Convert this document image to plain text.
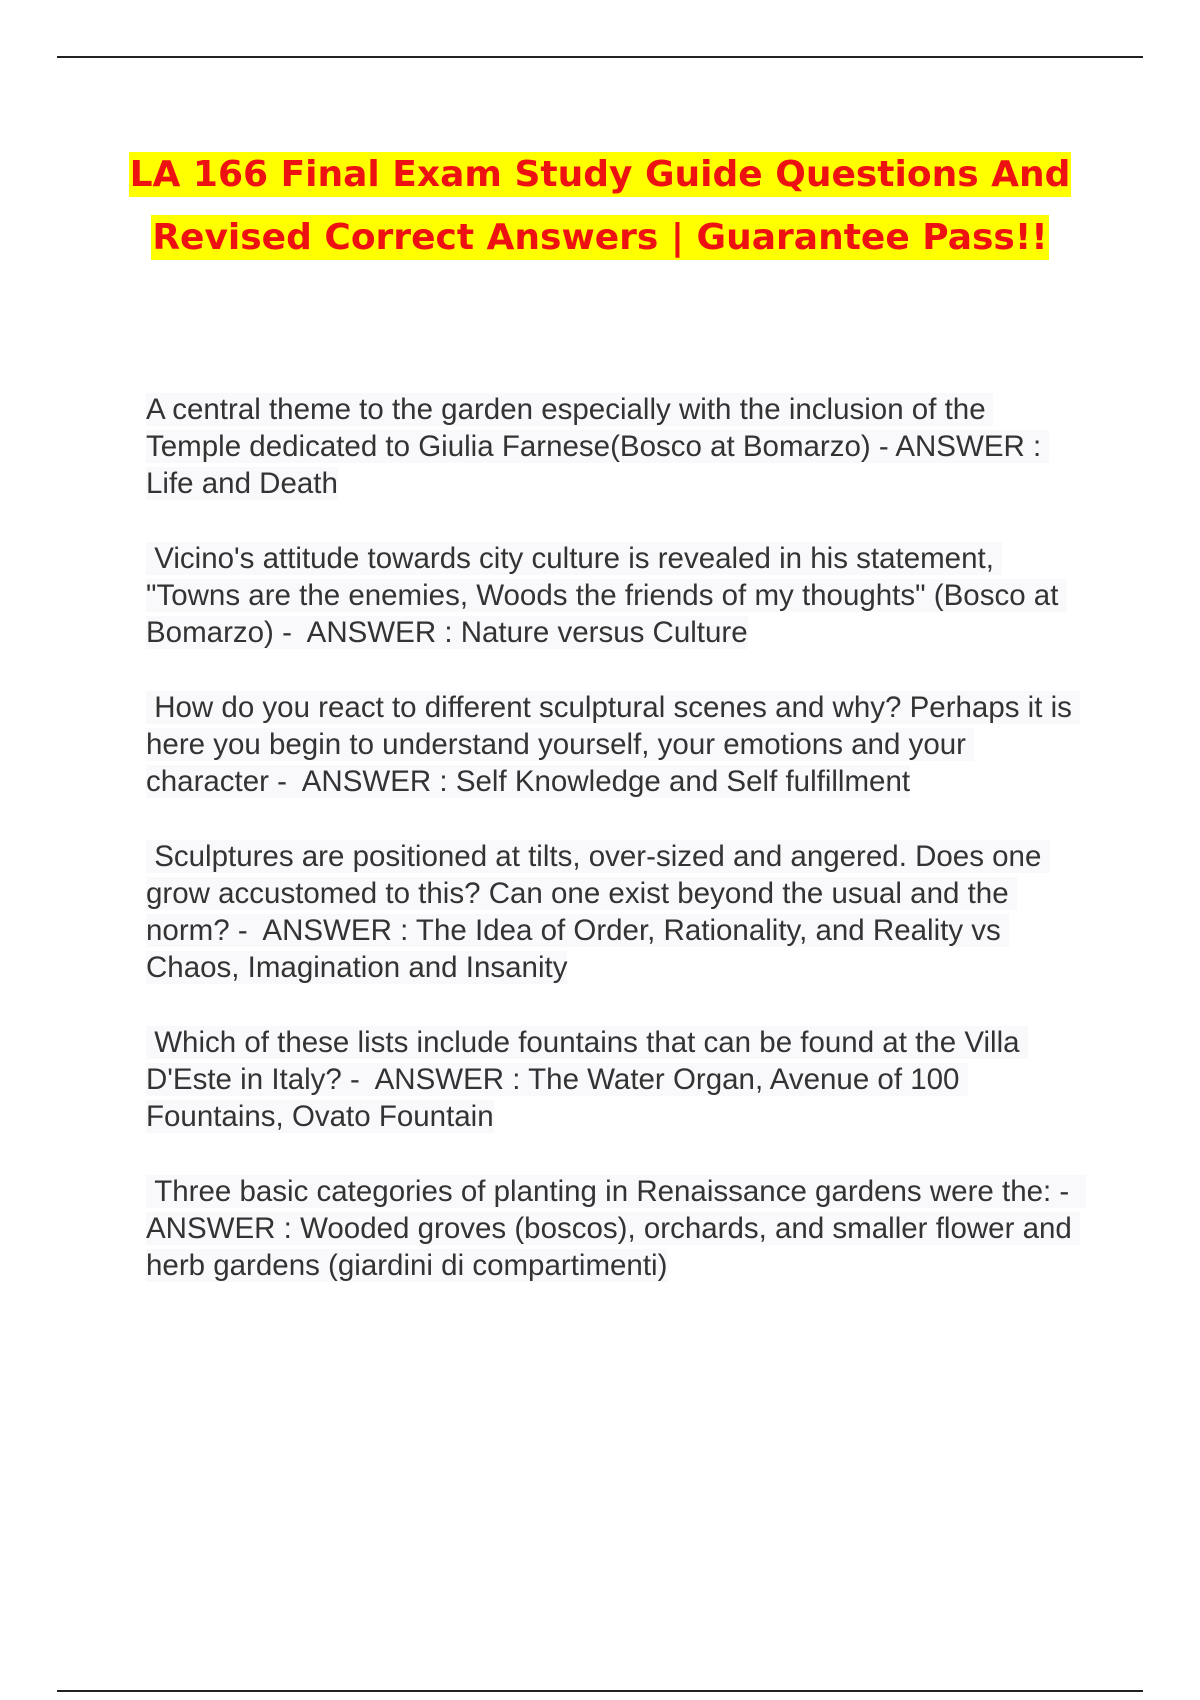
LA 166 Final Exam Study Guide Questions And Revised Correct Answers | Guarantee Pass!!

A central theme to the garden especially with the inclusion of the Temple dedicated to Giulia Farnese(Bosco at Bomarzo) - ANSWER : Life and Death

Vicino's attitude towards city culture is revealed in his statement, "Towns are the enemies, Woods the friends of my thoughts" (Bosco at Bomarzo) -  ANSWER : Nature versus Culture

How do you react to different sculptural scenes and why? Perhaps it is here you begin to understand yourself, your emotions and your character -  ANSWER : Self Knowledge and Self fulfillment

Sculptures are positioned at tilts, over-sized and angered. Does one grow accustomed to this? Can one exist beyond the usual and the norm? -  ANSWER : The Idea of Order, Rationality, and Reality vs Chaos, Imagination and Insanity

Which of these lists include fountains that can be found at the Villa D'Este in Italy? -  ANSWER : The Water Organ, Avenue of 100 Fountains, Ovato Fountain

Three basic categories of planting in Renaissance gardens were the: -  ANSWER : Wooded groves (boscos), orchards, and smaller flower and herb gardens (giardini di compartimenti)
